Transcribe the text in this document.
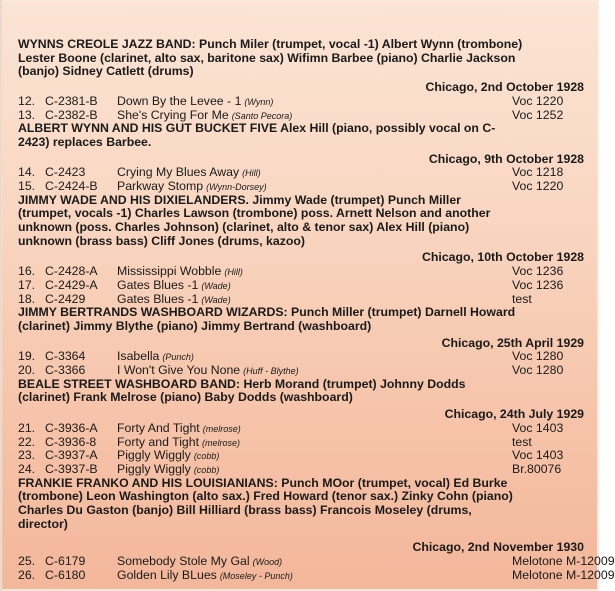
WYNNS CREOLE JAZZ BAND: Punch Miler (trumpet, vocal -1) Albert Wynn (trombone)
Lester Boone (clarinet, alto sax, baritone sax) Wifimn Barbee (piano) Charlie Jackson
(banjo) Sidney Catlett (drums)
Chicago, 2nd October 1928
12. C-2381-B Down By the Levee - 1 (Wynn)	Voc 1220
13. C-2382-B She's Crying For Me (Santo Pecora)	Voc 1252
ALBERT WYNN AND HIS GUT BUCKET FIVE Alex Hill (piano, possibly vocal on C-
2423) replaces Barbee.
Chicago, 9th October 1928
14. C-2423	Crying My Blues Away (Hill)	Voc 1218
15. C-2424-B Parkway Stomp (Wynn-Dorsey)	Voc 1220
JIMMY WADE AND HIS DIXIELANDERS. Jimmy Wade (trumpet) Punch Miller
(trumpet, vocals -1) Charles Lawson (trombone) poss. Arnett Nelson and another
unknown (poss. Charles Johnson) (clarinet, alto & tenor sax) Alex Hill (piano)
unknown (brass bass) Cliff Jones (drums, kazoo)
Chicago, 10th October 1928
16. C-2428-A Mississippi Wobble (Hill)	Voc 1236
17. C-2429-A Gates Blues -1 (Wade)	Voc 1236
18. C-2429	Gates Blues -1 (Wade)	test
JIMMY BERTRANDS WASHBOARD WIZARDS: Punch Miller (trumpet) Darnell Howard
(clarinet) Jimmy Blythe (piano) Jimmy Bertrand (washboard)
Chicago, 25th April 1929
19. C-3364	Isabella (Punch)	Voc 1280
20. C-3366	I Won't Give You None (Huff - Blythe)	Voc 1280
BEALE STREET WASHBOARD BAND: Herb Morand (trumpet) Johnny Dodds
(clarinet) Frank Melrose (piano) Baby Dodds (washboard)
Chicago, 24th July 1929
21. C-3936-A Forty And Tight (melrose)	Voc 1403
22. C-3936-8 Forty and Tight (melrose)	test
23. C-3937-A Piggly Wiggly (cobb)	Voc 1403
24. C-3937-B Piggly Wiggly (cobb)	Br.80076
FRANKIE FRANKO AND HIS LOUISIANIANS: Punch MOor (trumpet, vocal) Ed Burke
(trombone) Leon Washington (alto sax.) Fred Howard (tenor sax.) Zinky Cohn (piano)
Charles Du Gaston (banjo) Bill Hilliard (brass bass) Francois Moseley (drums,
director)
Chicago, 2nd November 1930
25. C-6179	Somebody Stole My Gal (Wood)	Melotone M-12009
26. C-6180	Golden Lily BLues (Moseley - Punch)	Melotone M-12009
